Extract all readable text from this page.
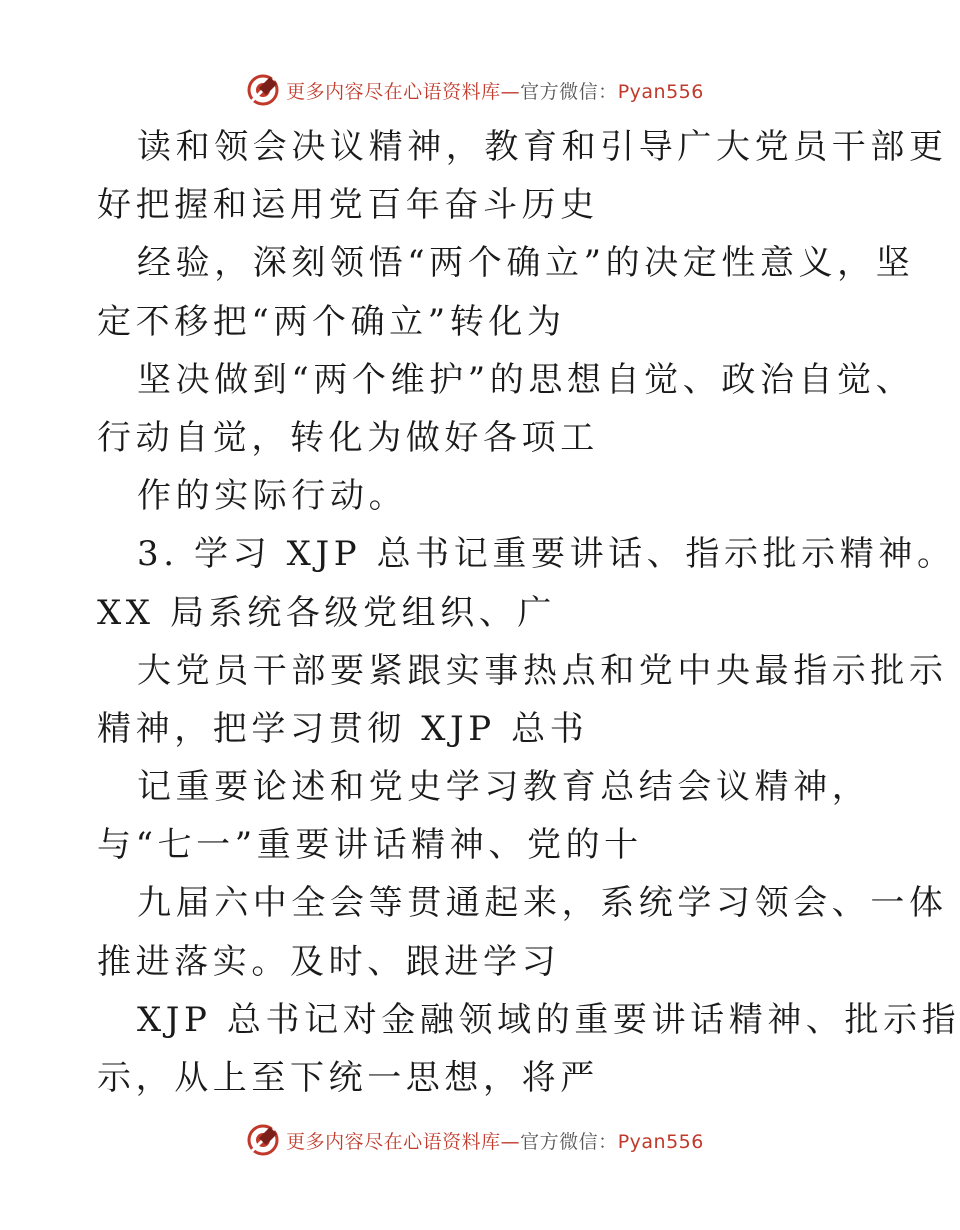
更多内容尽在心语资料库—官方微信：Pyan556
读和领会决议精神，教育和引导广大党员干部更
好把握和运用党百年奋斗历史
经验，深刻领悟“两个确立”的决定性意义，坚
定不移把“两个确立”转化为
坚决做到“两个维护”的思想自觉、政治自觉、
行动自觉，转化为做好各项工
作的实际行动。
3. 学习 XJP 总书记重要讲话、指示批示精神。
XX 局系统各级党组织、广
大党员干部要紧跟实事热点和党中央最指示批示
精神，把学习贯彻 XJP 总书
记重要论述和党史学习教育总结会议精神，
与“七一”重要讲话精神、党的十
九届六中全会等贯通起来，系统学习领会、一体
推进落实。及时、跟进学习
XJP 总书记对金融领域的重要讲话精神、批示指
示，从上至下统一思想，将严
更多内容尽在心语资料库—官方微信：Pyan556
